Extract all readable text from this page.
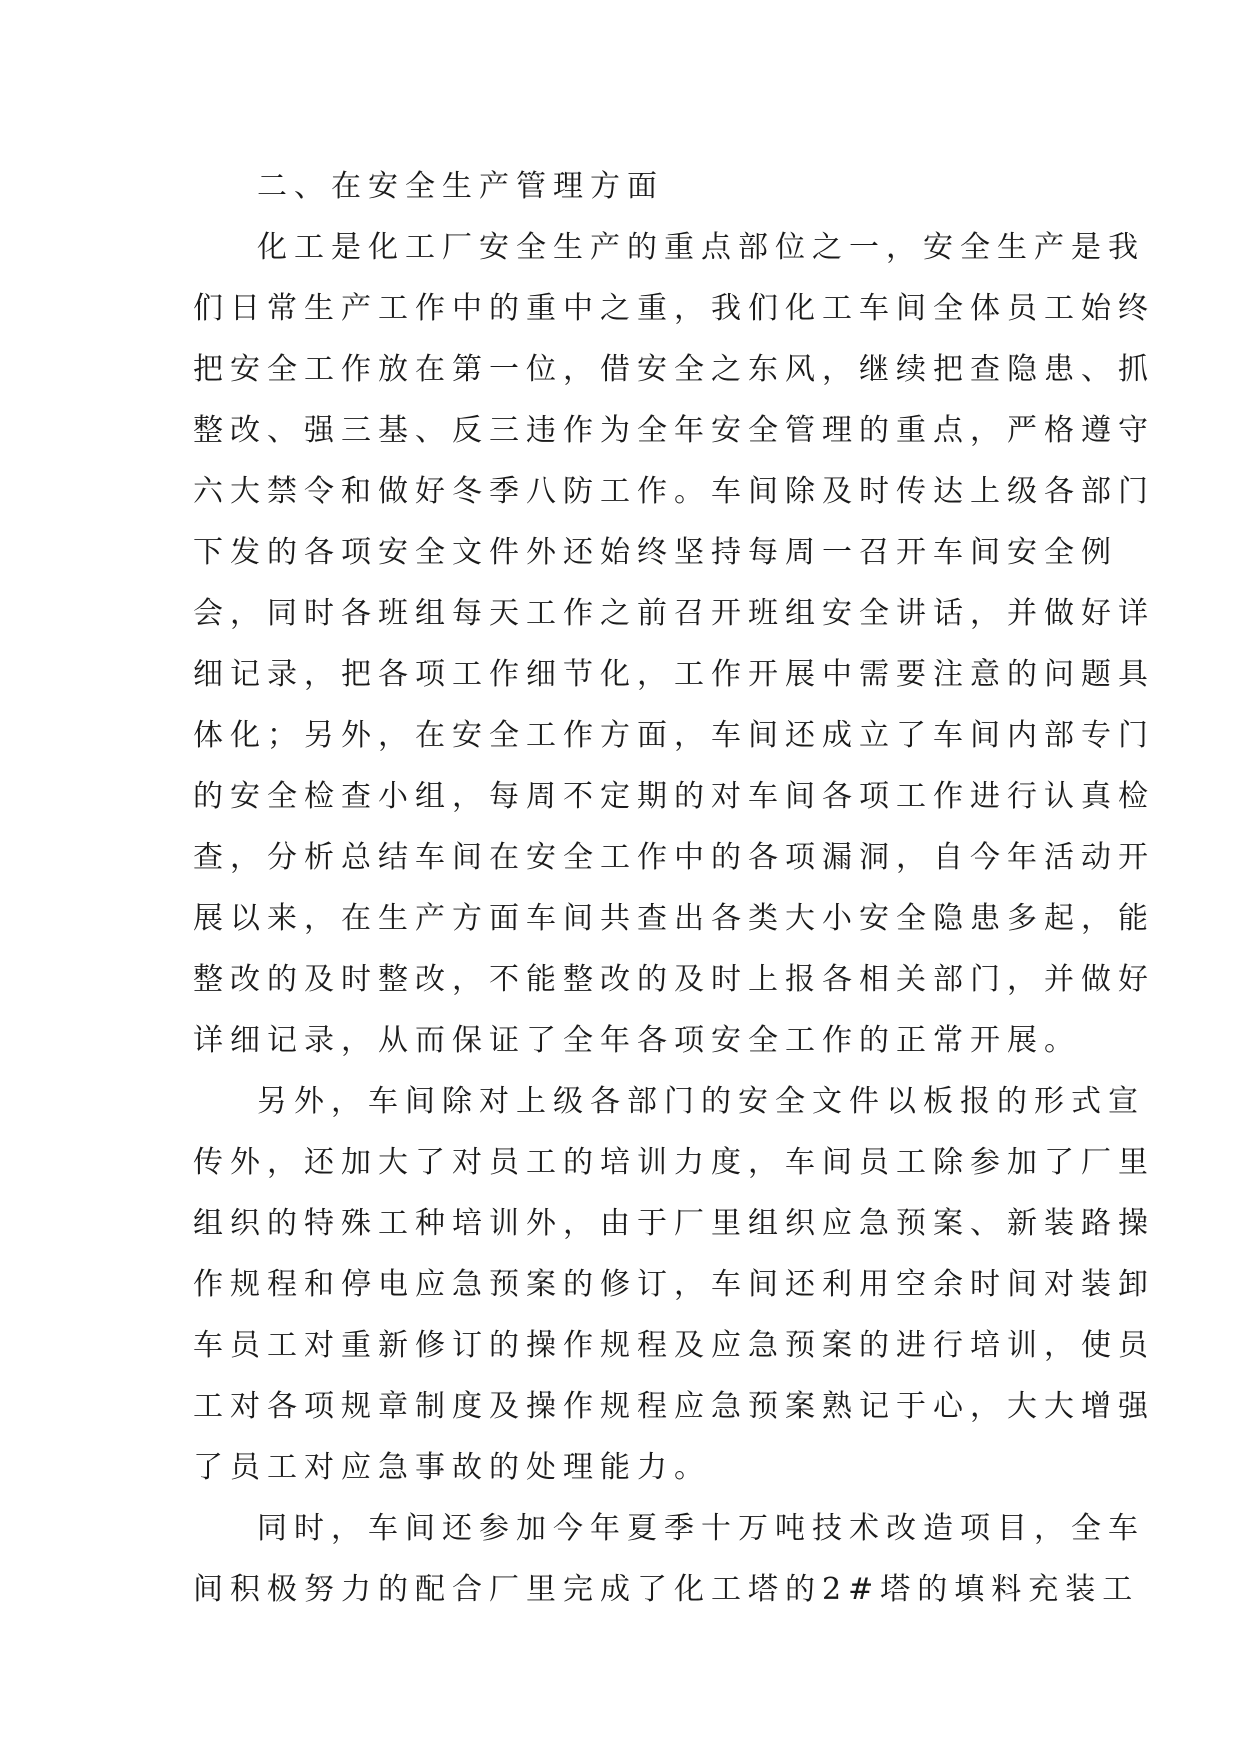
二、在安全生产管理方面
化工是化工厂安全生产的重点部位之一，安全生产是我
们日常生产工作中的重中之重，我们化工车间全体员工始终
把安全工作放在第一位，借安全之东风，继续把查隐患、抓
整改、强三基、反三违作为全年安全管理的重点，严格遵守
六大禁令和做好冬季八防工作。车间除及时传达上级各部门
下发的各项安全文件外还始终坚持每周一召开车间安全例
会，同时各班组每天工作之前召开班组安全讲话，并做好详
细记录，把各项工作细节化，工作开展中需要注意的问题具
体化；另外，在安全工作方面，车间还成立了车间内部专门
的安全检查小组，每周不定期的对车间各项工作进行认真检
查，分析总结车间在安全工作中的各项漏洞，自今年活动开
展以来，在生产方面车间共查出各类大小安全隐患多起，能
整改的及时整改，不能整改的及时上报各相关部门，并做好
详细记录，从而保证了全年各项安全工作的正常开展。
另外，车间除对上级各部门的安全文件以板报的形式宣
传外，还加大了对员工的培训力度，车间员工除参加了厂里
组织的特殊工种培训外，由于厂里组织应急预案、新装路操
作规程和停电应急预案的修订，车间还利用空余时间对装卸
车员工对重新修订的操作规程及应急预案的进行培训，使员
工对各项规章制度及操作规程应急预案熟记于心，大大增强
了员工对应急事故的处理能力。
同时，车间还参加今年夏季十万吨技术改造项目，全车
间积极努力的配合厂里完成了化工塔的2#塔的填料充装工
